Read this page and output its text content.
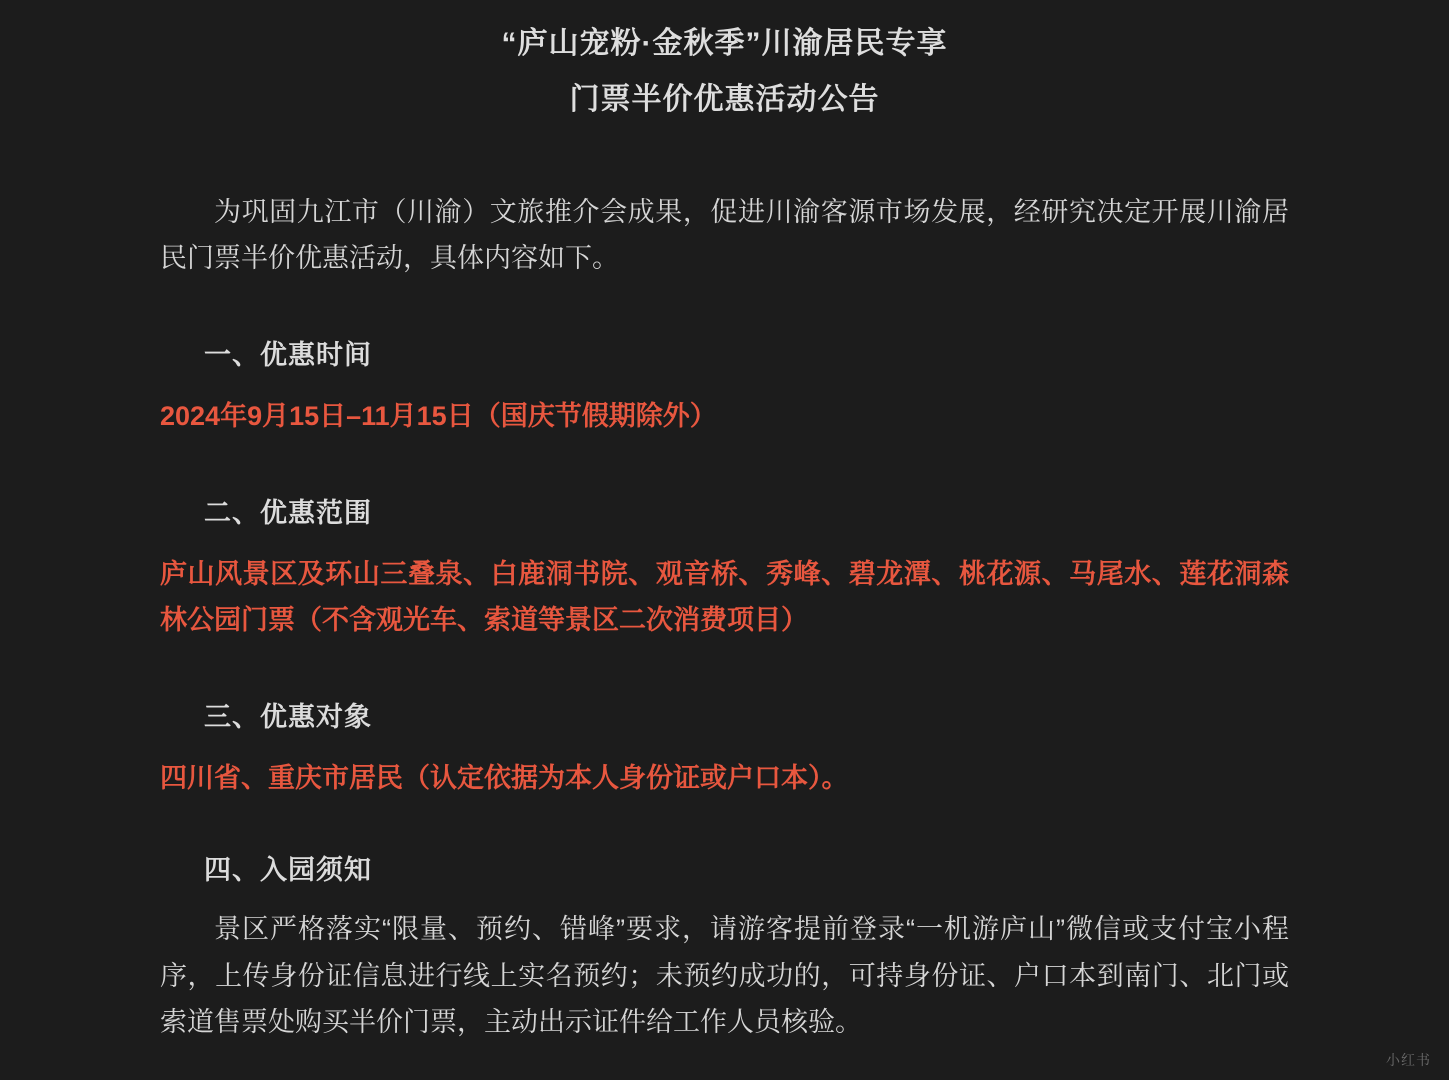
“庐山宠粉·金秋季”川渝居民专享
门票半价优惠活动公告

为巩固九江市（川渝）文旅推介会成果，促进川渝客源市场发展，经研究决定开展川渝居民门票半价优惠活动，具体内容如下。

一、优惠时间
2024年9月15日–11月15日（国庆节假期除外）
二、优惠范围
庐山风景区及环山三叠泉、白鹿洞书院、观音桥、秀峰、碧龙潭、桃花源、马尾水、莲花洞森林公园门票（不含观光车、索道等景区二次消费项目）
三、优惠对象
四川省、重庆市居民（认定依据为本人身份证或户口本）。
四、入园须知
景区严格落实“限量、预约、错峰”要求，请游客提前登录“一机游庐山”微信或支付宝小程序，上传身份证信息进行线上实名预约；未预约成功的，可持身份证、户口本到南门、北门或索道售票处购买半价门票，主动出示证件给工作人员核验。
小红书
